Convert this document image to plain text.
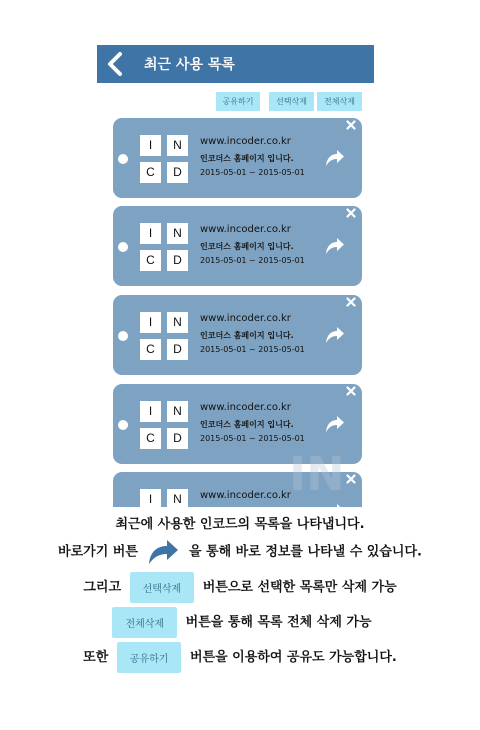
최근 사용 목록
공유하기	선택삭제	전체삭제
I	N
C	D
www.incoder.co.kr
인코더스 홈페이지 입니다.
2015-05-01 ~ 2015-05-01
I	N
C	D
www.incoder.co.kr
인코더스 홈페이지 입니다.
2015-05-01 ~ 2015-05-01
I	N
C	D
www.incoder.co.kr
인코더스 홈페이지 입니다.
2015-05-01 ~ 2015-05-01
I	N
C	D
www.incoder.co.kr
인코더스 홈페이지 입니다.
2015-05-01 ~ 2015-05-01
I	N	www.incoder.co.kr
IN
최근에 사용한 인코드의 목록을 나타냅니다.
바로가기 버튼	을 통해 바로 정보를 나타낼 수 있습니다.
그리고 선택삭제 버튼으로 선택한 목록만 삭제 가능
전체삭제 버튼을 통해 목록 전체 삭제 가능
또한 공유하기 버튼을 이용하여 공유도 가능합니다.
